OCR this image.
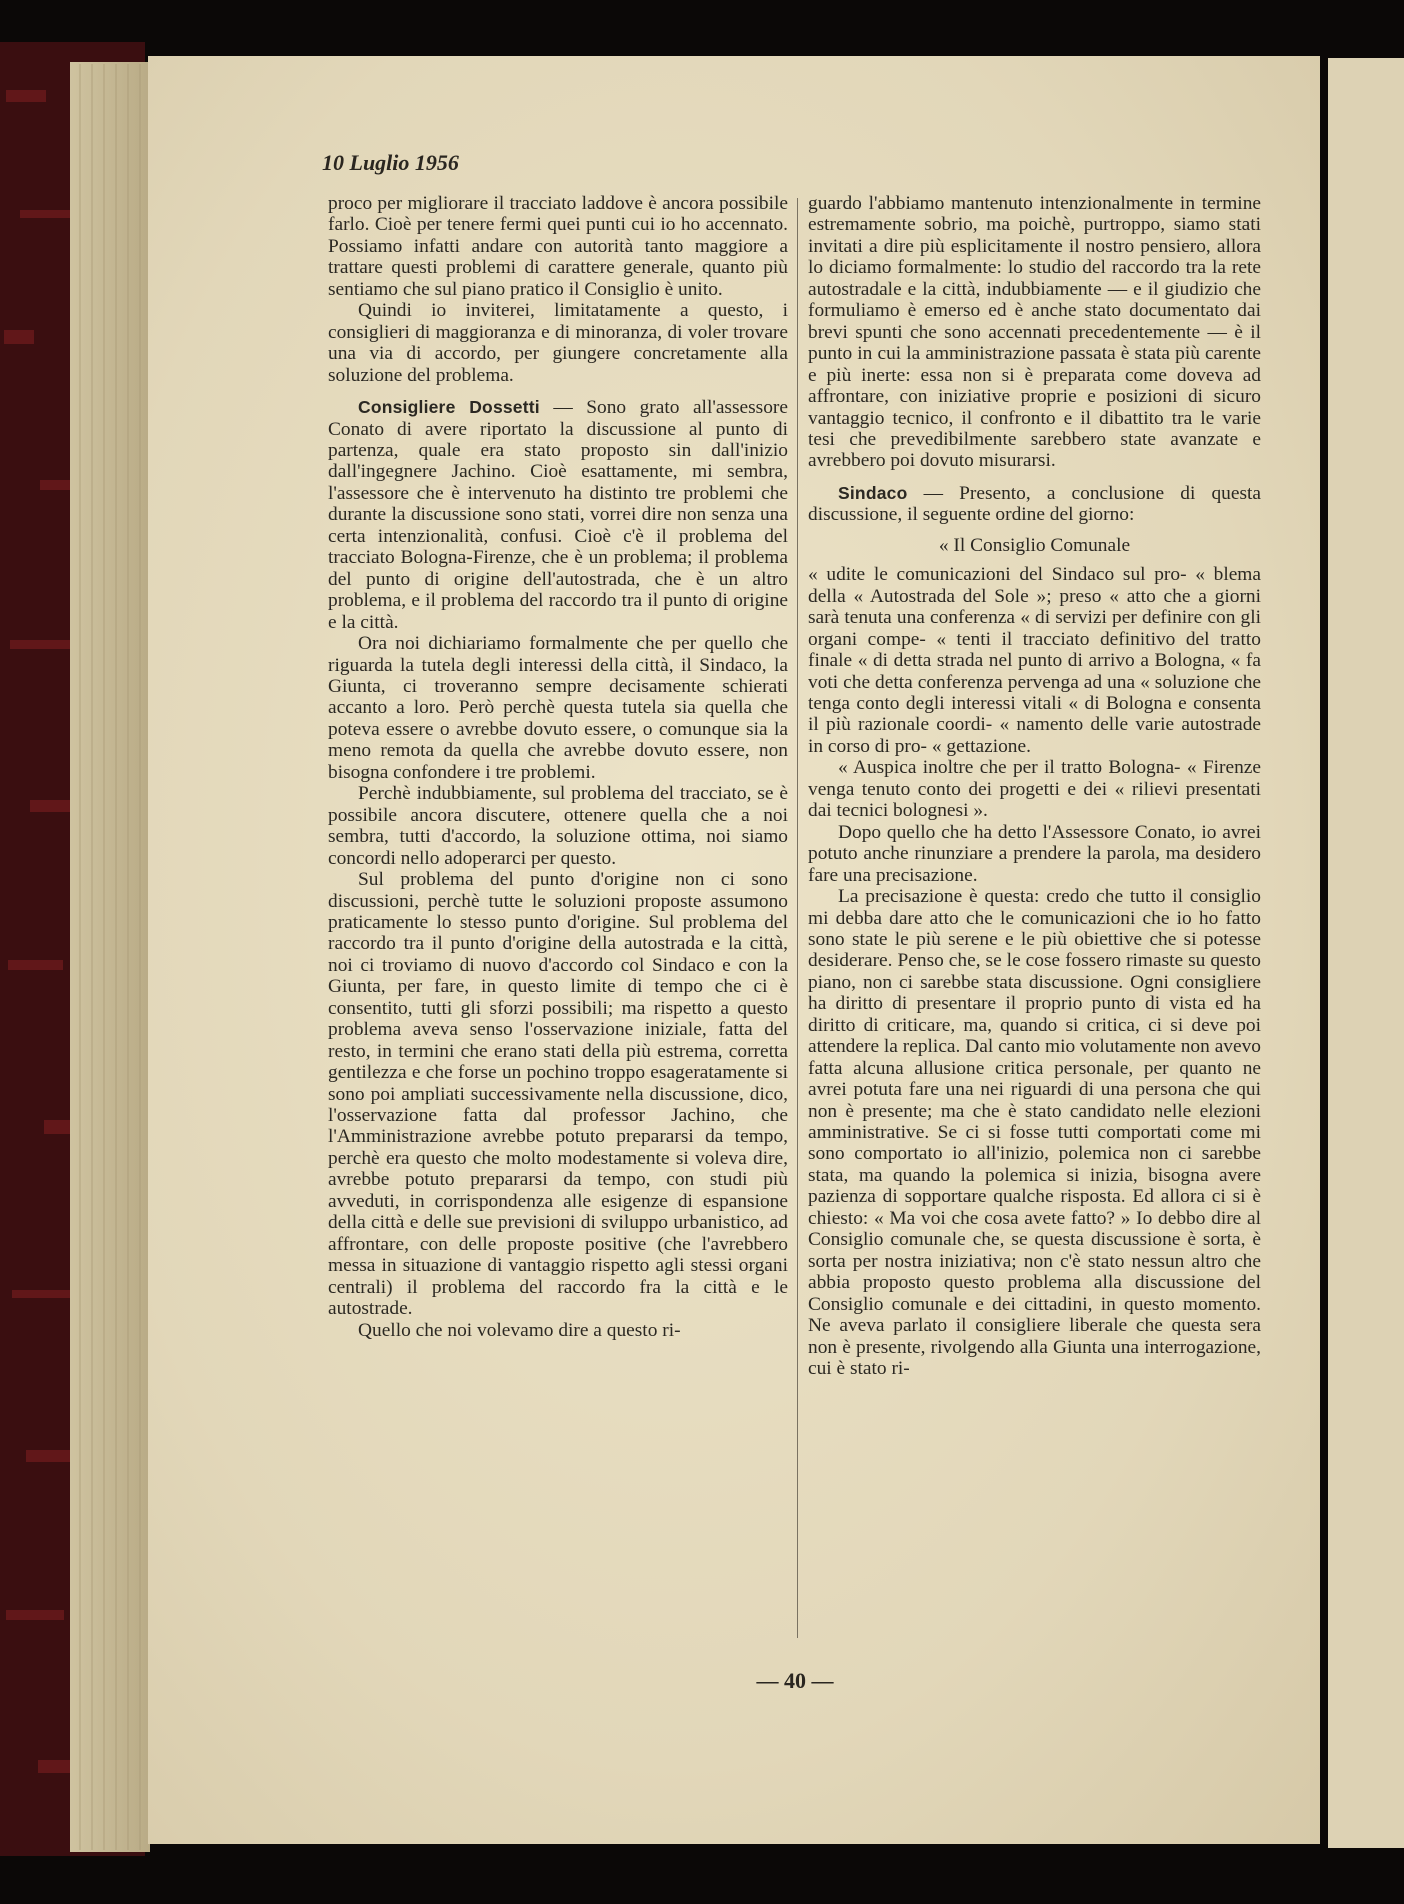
10 Luglio 1956

proco per migliorare il tracciato laddove è ancora possibile farlo. Cioè per tenere fermi quei punti cui io ho accennato. Possiamo infatti andare con autorità tanto maggiore a trattare questi problemi di carattere generale, quanto più sentiamo che sul piano pratico il Consiglio è unito.

Quindi io inviterei, limitatamente a questo, i consiglieri di maggioranza e di minoranza, di voler trovare una via di accordo, per giungere concretamente alla soluzione del problema.

Consigliere Dossetti — Sono grato all'assessore Conato di avere riportato la discussione al punto di partenza, quale era stato proposto sin dall'inizio dall'ingegnere Jachino. Cioè esattamente, mi sembra, l'assessore che è intervenuto ha distinto tre problemi che durante la discussione sono stati, vorrei dire non senza una certa intenzionalità, confusi. Cioè c'è il problema del tracciato Bologna-Firenze, che è un problema; il problema del punto di origine dell'autostrada, che è un altro problema, e il problema del raccordo tra il punto di origine e la città.

Ora noi dichiariamo formalmente che per quello che riguarda la tutela degli interessi della città, il Sindaco, la Giunta, ci troveranno sempre decisamente schierati accanto a loro. Però perchè questa tutela sia quella che poteva essere o avrebbe dovuto essere, o comunque sia la meno remota da quella che avrebbe dovuto essere, non bisogna confondere i tre problemi.

Perchè indubbiamente, sul problema del tracciato, se è possibile ancora discutere, ottenere quella che a noi sembra, tutti d'accordo, la soluzione ottima, noi siamo concordi nello adoperarci per questo.

Sul problema del punto d'origine non ci sono discussioni, perchè tutte le soluzioni proposte assumono praticamente lo stesso punto d'origine. Sul problema del raccordo tra il punto d'origine della autostrada e la città, noi ci troviamo di nuovo d'accordo col Sindaco e con la Giunta, per fare, in questo limite di tempo che ci è consentito, tutti gli sforzi possibili; ma rispetto a questo problema aveva senso l'osservazione iniziale, fatta del resto, in termini che erano stati della più estrema, corretta gentilezza e che forse un pochino troppo esageratamente si sono poi ampliati successivamente nella discussione, dico, l'osservazione fatta dal professor Jachino, che l'Amministrazione avrebbe potuto prepararsi da tempo, perchè era questo che molto modestamente si voleva dire, avrebbe potuto prepararsi da tempo, con studi più avveduti, in corrispondenza alle esigenze di espansione della città e delle sue previsioni di sviluppo urbanistico, ad affrontare, con delle proposte positive (che l'avrebbero messa in situazione di vantaggio rispetto agli stessi organi centrali) il problema del raccordo fra la città e le autostrade.

Quello che noi volevamo dire a questo ri-

guardo l'abbiamo mantenuto intenzionalmente in termine estremamente sobrio, ma poichè, purtroppo, siamo stati invitati a dire più esplicitamente il nostro pensiero, allora lo diciamo formalmente: lo studio del raccordo tra la rete autostradale e la città, indubbiamente — e il giudizio che formuliamo è emerso ed è anche stato documentato dai brevi spunti che sono accennati precedentemente — è il punto in cui la amministrazione passata è stata più carente e più inerte: essa non si è preparata come doveva ad affrontare, con iniziative proprie e posizioni di sicuro vantaggio tecnico, il confronto e il dibattito tra le varie tesi che prevedibilmente sarebbero state avanzate e avrebbero poi dovuto misurarsi.

Sindaco — Presento, a conclusione di questa discussione, il seguente ordine del giorno:

« Il Consiglio Comunale

« udite le comunicazioni del Sindaco sul pro- « blema della « Autostrada del Sole »; preso « atto che a giorni sarà tenuta una conferenza « di servizi per definire con gli organi compe- « tenti il tracciato definitivo del tratto finale « di detta strada nel punto di arrivo a Bologna, « fa voti che detta conferenza pervenga ad una « soluzione che tenga conto degli interessi vitali « di Bologna e consenta il più razionale coordi- « namento delle varie autostrade in corso di pro- « gettazione.

« Auspica inoltre che per il tratto Bologna- « Firenze venga tenuto conto dei progetti e dei « rilievi presentati dai tecnici bolognesi ».

Dopo quello che ha detto l'Assessore Conato, io avrei potuto anche rinunziare a prendere la parola, ma desidero fare una precisazione.

La precisazione è questa: credo che tutto il consiglio mi debba dare atto che le comunicazioni che io ho fatto sono state le più serene e le più obiettive che si potesse desiderare. Penso che, se le cose fossero rimaste su questo piano, non ci sarebbe stata discussione. Ogni consigliere ha diritto di presentare il proprio punto di vista ed ha diritto di criticare, ma, quando si critica, ci si deve poi attendere la replica. Dal canto mio volutamente non avevo fatta alcuna allusione critica personale, per quanto ne avrei potuta fare una nei riguardi di una persona che qui non è presente; ma che è stato candidato nelle elezioni amministrative. Se ci si fosse tutti comportati come mi sono comportato io all'inizio, polemica non ci sarebbe stata, ma quando la polemica si inizia, bisogna avere pazienza di sopportare qualche risposta. Ed allora ci si è chiesto: « Ma voi che cosa avete fatto? » Io debbo dire al Consiglio comunale che, se questa discussione è sorta, è sorta per nostra iniziativa; non c'è stato nessun altro che abbia proposto questo problema alla discussione del Consiglio comunale e dei cittadini, in questo momento. Ne aveva parlato il consigliere liberale che questa sera non è presente, rivolgendo alla Giunta una interrogazione, cui è stato ri-

— 40 —
